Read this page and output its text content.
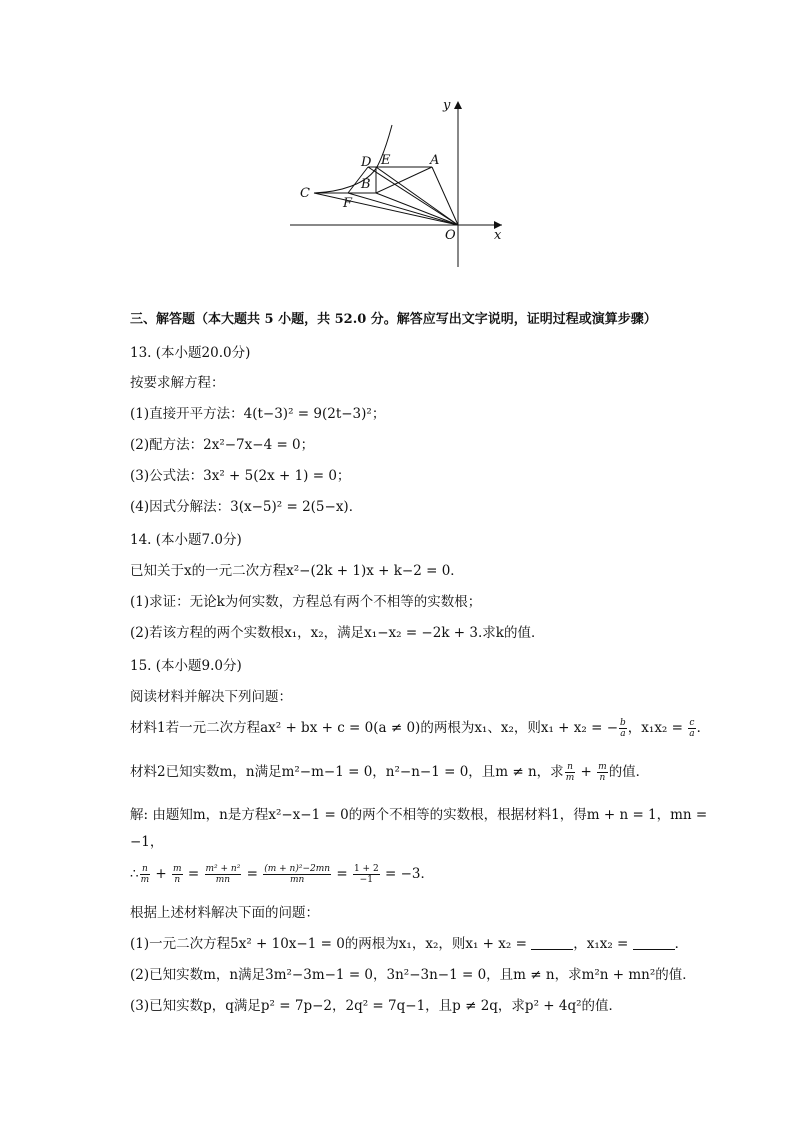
y
x
O
A
B
C
D E
F
三、解答题（本大题共 5 小题，共 52.0 分。解答应写出文字说明，证明过程或演算步骤）
13. (本小题20.0分)
按要求解方程：
(1)直接开平方法：4(t−3)² = 9(2t−3)²；
(2)配方法：2x²−7x−4 = 0；
(3)公式法：3x² + 5(2x + 1) = 0；
(4)因式分解法：3(x−5)² = 2(5−x)．
14. (本小题7.0分)
已知关于x的一元二次方程x²−(2k + 1)x + k−2 = 0．
(1)求证：无论k为何实数，方程总有两个不相等的实数根；
(2)若该方程的两个实数根x₁，x₂，满足x₁−x₂ = −2k + 3.求k的值．
15. (本小题9.0分)
阅读材料并解决下列问题：
材料1若一元二次方程ax² + bx + c = 0(a ≠ 0)的两根为x₁、x₂，则x₁ + x₂ = − $\frac{b}{a}$ ，$x_1x_2 = \frac{c}{a}$ ．
材料2已知实数m，n满足m²−m−1 = 0，n²−n−1 = 0，且m ≠ n，求 $\frac{n}{m} + \frac{m}{n}$ 的值．
解: 由题知m，n是方程x²−x−1 = 0的两个不相等的实数根，根据材料1，得m + n = 1，mn =
−1，
∴ $\frac{n}{m} + \frac{m}{n} = \frac{\text{m² + n²}}{mn} = \frac{\text{(m + n)²−2mn}}{mn} = \frac{1 + 2}{-1} = -3$．
根据上述材料解决下面的问题：
(1)一元二次方程5x² + 10x−1 = 0的两根为x₁，x₂，则x₁ + x₂ =	，x₁x₂ =	．
(2)已知实数m，n满足3m²−3m−1 = 0，3n²−3n−1 = 0，且m ≠ n，求m²n + mn²的值．
(3)已知实数p，q满足p² = 7p−2，2q² = 7q−1，且p ≠ 2q，求p² + 4q²的值．
